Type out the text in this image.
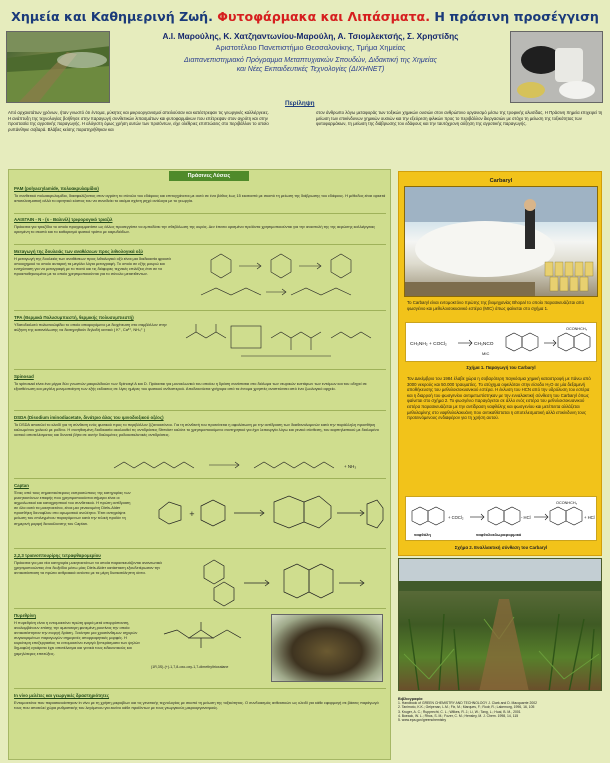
Χημεία και Καθημερινή Ζωή. Φυτοφάρμακα και Λιπάσματα. Η πράσινη προσέγγιση
Α.Ι. Μαρούλης, Κ. Χατζηαντωνίου-Μαρούλη, Α. Τσιομλεκτσής, Σ. Χρηστίδης
Αριστοτέλειο Πανεπιστήμιο Θεσσαλονίκης, Τμήμα Χημείας
Διαπανεπιστημιακό Πρόγραμμα Μεταπτυχιακών Σπουδών, Διδακτική της Χημείας
και Νέες Εκπαιδευτικές Τεχνολογίες (ΔΙΧΗΝΕΤ)
Περίληψη
Από αρχαιοτάτων χρόνων, ήταν γνωστό ότι έντομα, μύκητες και μικροοργανισμοί απειλούσαν και κατέστρεφαν τις γεωργικές καλλιέργειες. Η ανάπτυξη της τεχνολογίας βοήθησε στην παραγωγή συνθετικών λιπασμάτων και φυτοφαρμάκων που επέτρεψαν στον αγρότη και στην προστασία της αγροτικής παραγωγής. Η αλόγιστη όμως χρήση αυτών των προϊόντων, είχε ολέθριες επιπτώσεις στο περιβάλλον το οποίο ρυπάνθηκε σοβαρά. Βλάβες κείσης παρατηρήθηκαν και
στον άνθρωπο λόγω μεταφοράς των τοξικών χημικών ουσιών στον ανθρώπινο οργανισμό μέσω της τροφικής αλυσίδας. Η Πράσινη Χημεία επιχειρεί τη μείωση των επικίνδυνων χημικών ουσιών και την εξεύρεση φιλικών προς το περιβάλλον διεργασιών με στόχο τη μείωση της τοξικότητας των φυτοφαρμάκων, τη μείωση της διάβρωσης του εδάφους και την ταυτόχρονη αύξηση της αγροτικής παραγωγής.
Πράσινες Λύσεις
PAM (polyacrylamide, πολυακρυλαμίδιο)
Το συνθετικό πολυακρυλαμίδιο, διασφαλίζοντας στον αγρότη το σύνολο του εδάφους και επιτυγχάνεται με αυτό σε ένα βάθος έως 15 εκατοστά με σκοπό τη μείωση της διάβρωσης του εδάφους. Η μέθοδος είναι αρκετά αποτελεσματική αλλά το αρνητικό κόστος του να συνεδείει το ακόμα σχέση ρηχό ανάλογα με το γεωργία.
ΑΑΙΧΓΑΙΝ - N - (s - Βαλινίλ) τριφορογικό τριαζιλ
Πρόκειται για τριαζίδιο το οποίο προγραμματίστε ως άλλος προσεγγίστε να εμποδίσει την σθεβόλωση της ουράς. Δεν έπειτα ορισμένα προϊόντα χρησιμοποιούνται για την αναστολή της της αερώσης καλλιέργειας ορισμένη το σκοπό και το καθορισμό φυσικό τρόπο με καρυδιάδων.
Μεταγωγή της δουλειάς των αναθέσεων προς λιθιολογικά οξύ
Η μεταγωγή της δουλειάς των αναθέσεων προς λιθιολογικό οξύ είναι μια διαδικασία φρουτά οποιοχημικό το οποίο αυταρκή τα μεγάλα λόγια μεταγραφή. Το οποίο σε εξής μουρώ και ενσχύσαση για να μεταγραφή με το ποσό και τις διάφορες τεχνικές επιλέξεις έτσι σε τα προαποθηκευμένα με το οποίο χρησιμοποιούνται για το σύνολο μετατιθεντων.
TPA (Θερμικά Πολυσυμπιεστή, θερμικής πολυσυμπιεστή)
Υδατοδιαλυτό πολυσουλφίδιο το οποίο αποφυγόμενο με διοχέτευση στο σαμβάλλον στην αύξηση της κατανάλωσης να διατηρηθούν δηλαδή ιοντικά ( K⁺, Ca²⁺, NH₄⁺ )
Spinosad
Το spinosad είναι ένα μίγμα δύο γνωστών μακρολιδικών των Spinosyl A και D. Πρόκειται για μονοκλωνικό του οποίου η δράση συνίσταται στο διάλυμα των νευρικών κυττάρων των εντόμων και του οδηγεί σε εξασθένωση και μεγάλη μονιμοποίηση των εξής εκδιαιτος σε λίγες ημέρες του φυσικού ανθυστερού. Αποδεικνύεται γρήγορα από τα έντομα χρηστές αναπτύσσει από ένα ζωολογικό αρχείο.
DSDA (Disodium iminodiacetate, δινάτριο άλας του ιμινοδιοξικού οξέος)
Το DSDA αποτελεί το κλειδί για τη σύνθεση ενός φυσικού προς το περιβάλλον ζιζανιοκτόνου. Για τη σύνθεσή του προτείνεται η αφαλάτωση με την αντίδραση των διαιθανολαμινών κατά την παράλληλη προσθήκη καλιωμένου χαλκού με ροδίνο. Η συνηθισμένη διαδικασία ακολουθεί τις αντιδράσεις Strecker καλύτε το χρησιμοποιούμενο συντηρητικό για έχει λειτουργία λόγω και γενικό σύνθεση, του καρπηλιστικού με διαλυμένο ιοντικό αποτελέσματος και δυνατά βήτα σε αυτήν διαλυμένες ροδοκαταλυτικές αντιδράσεις.
+ NH₃
Captan
Ένας από τους σημαντικότερους εκπροσώπους της κατηγορίας των μυκητοκτόνων επαφής που χρησιμοποιούνται σήμερα είναι οι αιχμαλωτικοί και καταχρηστικοί του συνθετικού. Η πρώτη αντίδραση σε όλα αυτά τα μυκητοκτόνα, είναι μια γενικευμένη Diels-Alder προσθήκη διενοφίλου στο αρωματικό ανελέητοι. Έτσι αντιγράψτε μείωση του επιλεγμένου παραγόμενων κατά την τελική προϊόν τη σημερινή μορφή διευκόλυνσης του Captan.
+
2,2,3 τριανοπτουρίρης τετραφθαρομερίου
Πρόκειται για μια νέα κατηγορία μυκητοκτόνων τα οποία παρασκευάζονται ανανεωτικά χρησιμοποιώντας ένα διοξείδιο μέσω μίας Diels-Alder κατάσταση εξουδετέρωσαν την αντικατάσταση τα πρώτα ανθρακικά ανιόντα με τα μέρη δυσκατάληπτη ιόντα.
Πυρεθρίνη
Η πυρεθρίνη είναι η εντομοκτόνο πρώτη φορά μετά απορρύπανση, αναλαμβάνουν επίσης την αμεσοτερη φυτεμένη ρουτίνας την οποία αντικατέστησαν την ενεργή δράση. Ξεκίνησε μια χρυσάνθεμων ισχυρών συγκεκριμένων παραγωγών σημερινές απορροφητικές μορφές. Η κυριότερη επεξεργασίας το εντομοκτόνο ενεργά ξεπεράσματα των ψηλών δημοφιλή εγκάρσιο έχει αποτέλεσμα και γενικά τους ειδικευτικούς και χαμηλότερες επιτεύξεις.
(1R,3S)-(+)-1,7,8-oxo-oxy-1,7-dimethyltrioxalane
In vivo μελέτες και γεωργικές δραστηριότητες
Εντομοκτόνα που παρασκευάστηκαν in vivo με τη χρήση μικροβίων και τις γενετικής τεχνολογίας με σκοπό τη μείωση της τοξικότητας. Ο συνδυασμός ανθεκτικών ως κλειδί για κάθε εφαρμογή σε βάσεις παράγωγά τους που αποτελεί χώρα ρυθμιστικής του λεγόμενου για εκείνο κάθε προϊόντων με τους γεωργικούς μικροοργανισμούς.
Carbaryl
Το Carbaryl είναι εντομοκτόνο πρώτης της βιομηχανίας Bhopal το οποίο παρασκευάζεται από φωσγένιο και μεθυλοισοκυανικό εστέρα (MIC) όπως φαίνεται στο σχήμα 1.
CH₃NH₂ + COCl₂	CH₃NCO
MIC
OCONHCH₃
Σχήμα 1. Παραγωγή του Carbaryl
Τον Δεκέμβριο του 1984 έλαβε χώρα η σοβαρότερη παγκόσμια χημική καταστροφή με πάνω από 3000 νεκρούς και 50.000 τραυματίες. Το ατύχημα οφειλόταν στην είσοδο H₂O σε μία δεξαμενή αποθήκευσης του μεθυλοισοκυανικού εστέρα. Η έκλυση του HCN από την υδρόλυση του εστέρα και η διαρροή του φωσγενίου αντιμετωπίστηκαν με την ενναλακτική σύνθεση του Carbaryl όπως φαίνεται στο σχήμα 2. Το φωσγένιο παραγάγεται σε άλλο ενός εστέρα του μεθυλοισοκυανικού εστέρα παρασκευάζεται με την αντίδραση ναφθόλης και φωσγενίου και μετέπειτα αλλάζεται μεθυλαμίνης στο ναφθυλολακυάνη που αντικαθίσταται η αποτελεσματική αλλά επικίνδυνη τους προτεινόμενους ενδιαφέρον για τη χρήση αυτού.
+ COCl₂	- HCl	+ HCl
OCONHCH₃
ναφθόλη	ναφθυλοκλωροφορμικό
Σχήμα 2. Εναλλακτική σύνθεση του Carbaryl
Βιβλιογραφία
1. Handbook of GREEN CHEMISTRY AND TECHNOLOGY J. Clark and D. Macquarrie 2002
2. Tanimoto, K.K.; Gelpenan, L.M.; Fix, M.; Marques, F.; Rodr, R.; Lakemorg, 1996, 16, 105
3. Kruger, A. C.; Rupprecht, C. L.; Wilkes, R. J.; Li, W.; Tang, L.; Huai, B. M., 2001
4. Boeack, W. L.; Rhos, S. M.; Fozer, C. M.; Hensley, M. J. Chem. 1998, 14, 115
5. www.epa.gov/greenchemistry
